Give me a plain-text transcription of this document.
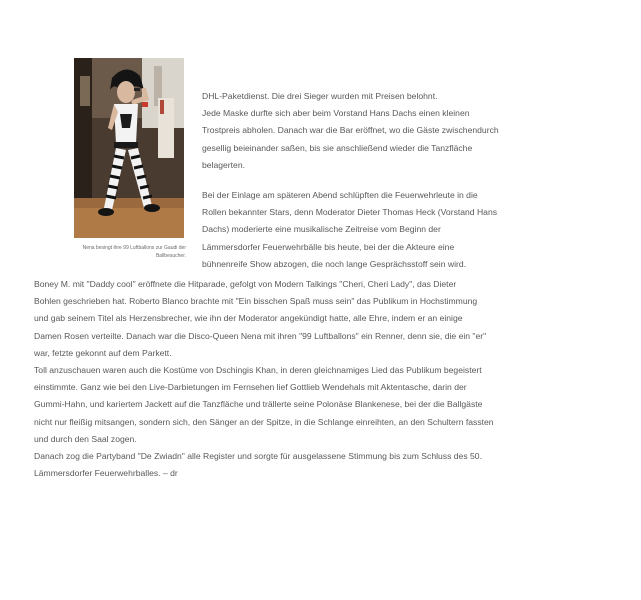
Nena besingt ihre 99 Luftballons zur Gaudi der Ballbesucher.

DHL-Paketdienst. Die drei Sieger wurden mit Preisen belohnt.

Jede Maske durfte sich aber beim Vorstand Hans Dachs einen kleinen

Trostpreis abholen. Danach war die Bar eröffnet, wo die Gäste zwischendurch

gesellig beieinander saßen, bis sie anschließend wieder die Tanzfläche

belagerten.

Bei der Einlage am späteren Abend schlüpften die Feuerwehrleute in die

Rollen bekannter Stars, denn Moderator Dieter Thomas Heck (Vorstand Hans

Dachs) moderierte eine musikalische Zeitreise vom Beginn der

Lämmersdorfer Feuerwehrbälle bis heute, bei der die Akteure eine

bühnenreife Show abzogen, die noch lange Gesprächsstoff sein wird.

Boney M. mit "Daddy cool" eröffnete die Hitparade, gefolgt von Modern Talkings "Cheri, Cheri Lady", das Dieter

Bohlen geschrieben hat. Roberto Blanco brachte mit "Ein bisschen Spaß muss sein" das Publikum in Hochstimmung

und gab seinem Titel als Herzensbrecher, wie ihn der Moderator angekündigt hatte, alle Ehre, indem er an einige

Damen Rosen verteilte. Danach war die Disco-Queen Nena mit ihren "99 Luftballons" ein Renner, denn sie, die ein "er"

war, fetzte gekonnt auf dem Parkett.

Toll anzuschauen waren auch die Kostüme von Dschingis Khan, in deren gleichnamiges Lied das Publikum begeistert

einstimmte. Ganz wie bei den Live-Darbietungen im Fernsehen lief Gottlieb Wendehals mit Aktentasche, darin der

Gummi-Hahn, und kariertem Jackett auf die Tanzfläche und trällerte seine Polonäse Blankenese, bei der die Ballgäste

nicht nur fleißig mitsangen, sondern sich, den Sänger an der Spitze, in die Schlange einreihten, an den Schultern fassten

und durch den Saal zogen.

Danach zog die Partyband "De Zwiadn" alle Register und sorgte für ausgelassene Stimmung bis zum Schluss des 50.

Lämmersdorfer Feuerwehrballes. – dr
